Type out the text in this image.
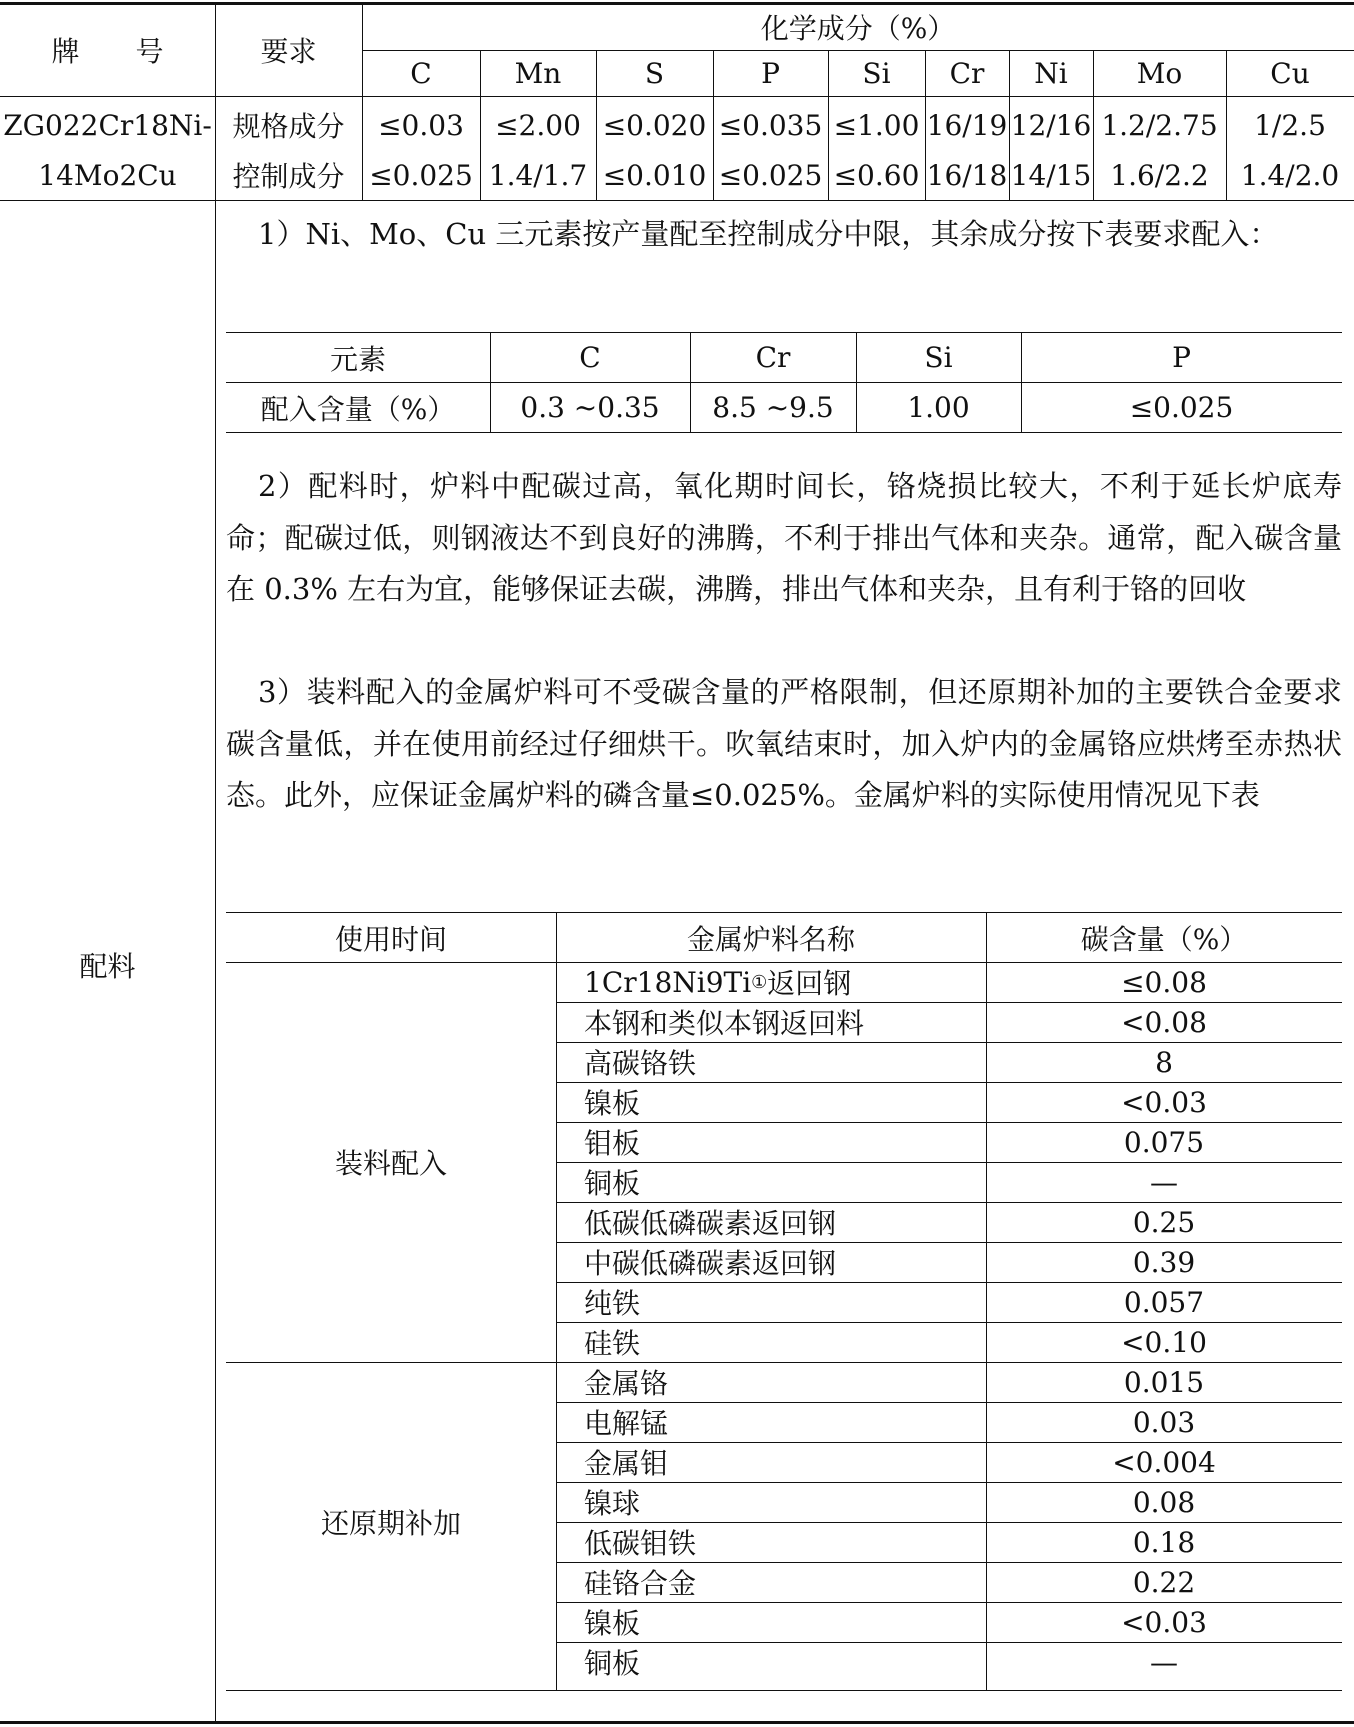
牌　　号	要求
化学成分（%）
C	Mn	S	P	Si	Cr	Ni	Mo	Cu
ZG022Cr18Ni-
14Mo2Cu
规格成分	≤0.03	≤2.00 ≤0.020 ≤0.035 ≤1.00 16/19 12/16 1.2/2.75	1/2.5
控制成分 ≤0.025 1.4/1.7 ≤0.010 ≤0.025 ≤0.60 16/18 14/15 1.6/2.2	1.4/2.0
配料
1）Ni、Mo、Cu 三元素按产量配至控制成分中限，其余成分按下表要求配入：
2）配料时，炉料中配碳过高，氧化期时间长，铬烧损比较大，不利于延长炉底寿命；配碳过低，则钢液达不到良好的沸腾，不利于排出气体和夹杂。通常，配入碳含量在 0.3% 左右为宜，能够保证去碳，沸腾，排出气体和夹杂，且有利于铬的回收
3）装料配入的金属炉料可不受碳含量的严格限制，但还原期补加的主要铁合金要求碳含量低，并在使用前经过仔细烘干。吹氧结束时，加入炉内的金属铬应烘烤至赤热状态。此外，应保证金属炉料的磷含量≤0.025%。金属炉料的实际使用情况见下表
元素	C	Cr	Si	P
配入含量（%）	0.3 ~0.35	8.5 ~9.5	1.00	≤0.025
使用时间	金属炉料名称	碳含量（%）
装料配入
1Cr18Ni9Ti ① 返回钢	≤0.08
本钢和类似本钢返回料	<0.08
高碳铬铁	8
镍板	<0.03
钼板	0.075
铜板	—
低碳低磷碳素返回钢	0.25
中碳低磷碳素返回钢	0.39
纯铁	0.057
硅铁	<0.10
还原期补加
金属铬	0.015
电解锰	0.03
金属钼	<0.004
镍球	0.08
低碳钼铁	0.18
硅铬合金	0.22
镍板	<0.03
铜板	—
